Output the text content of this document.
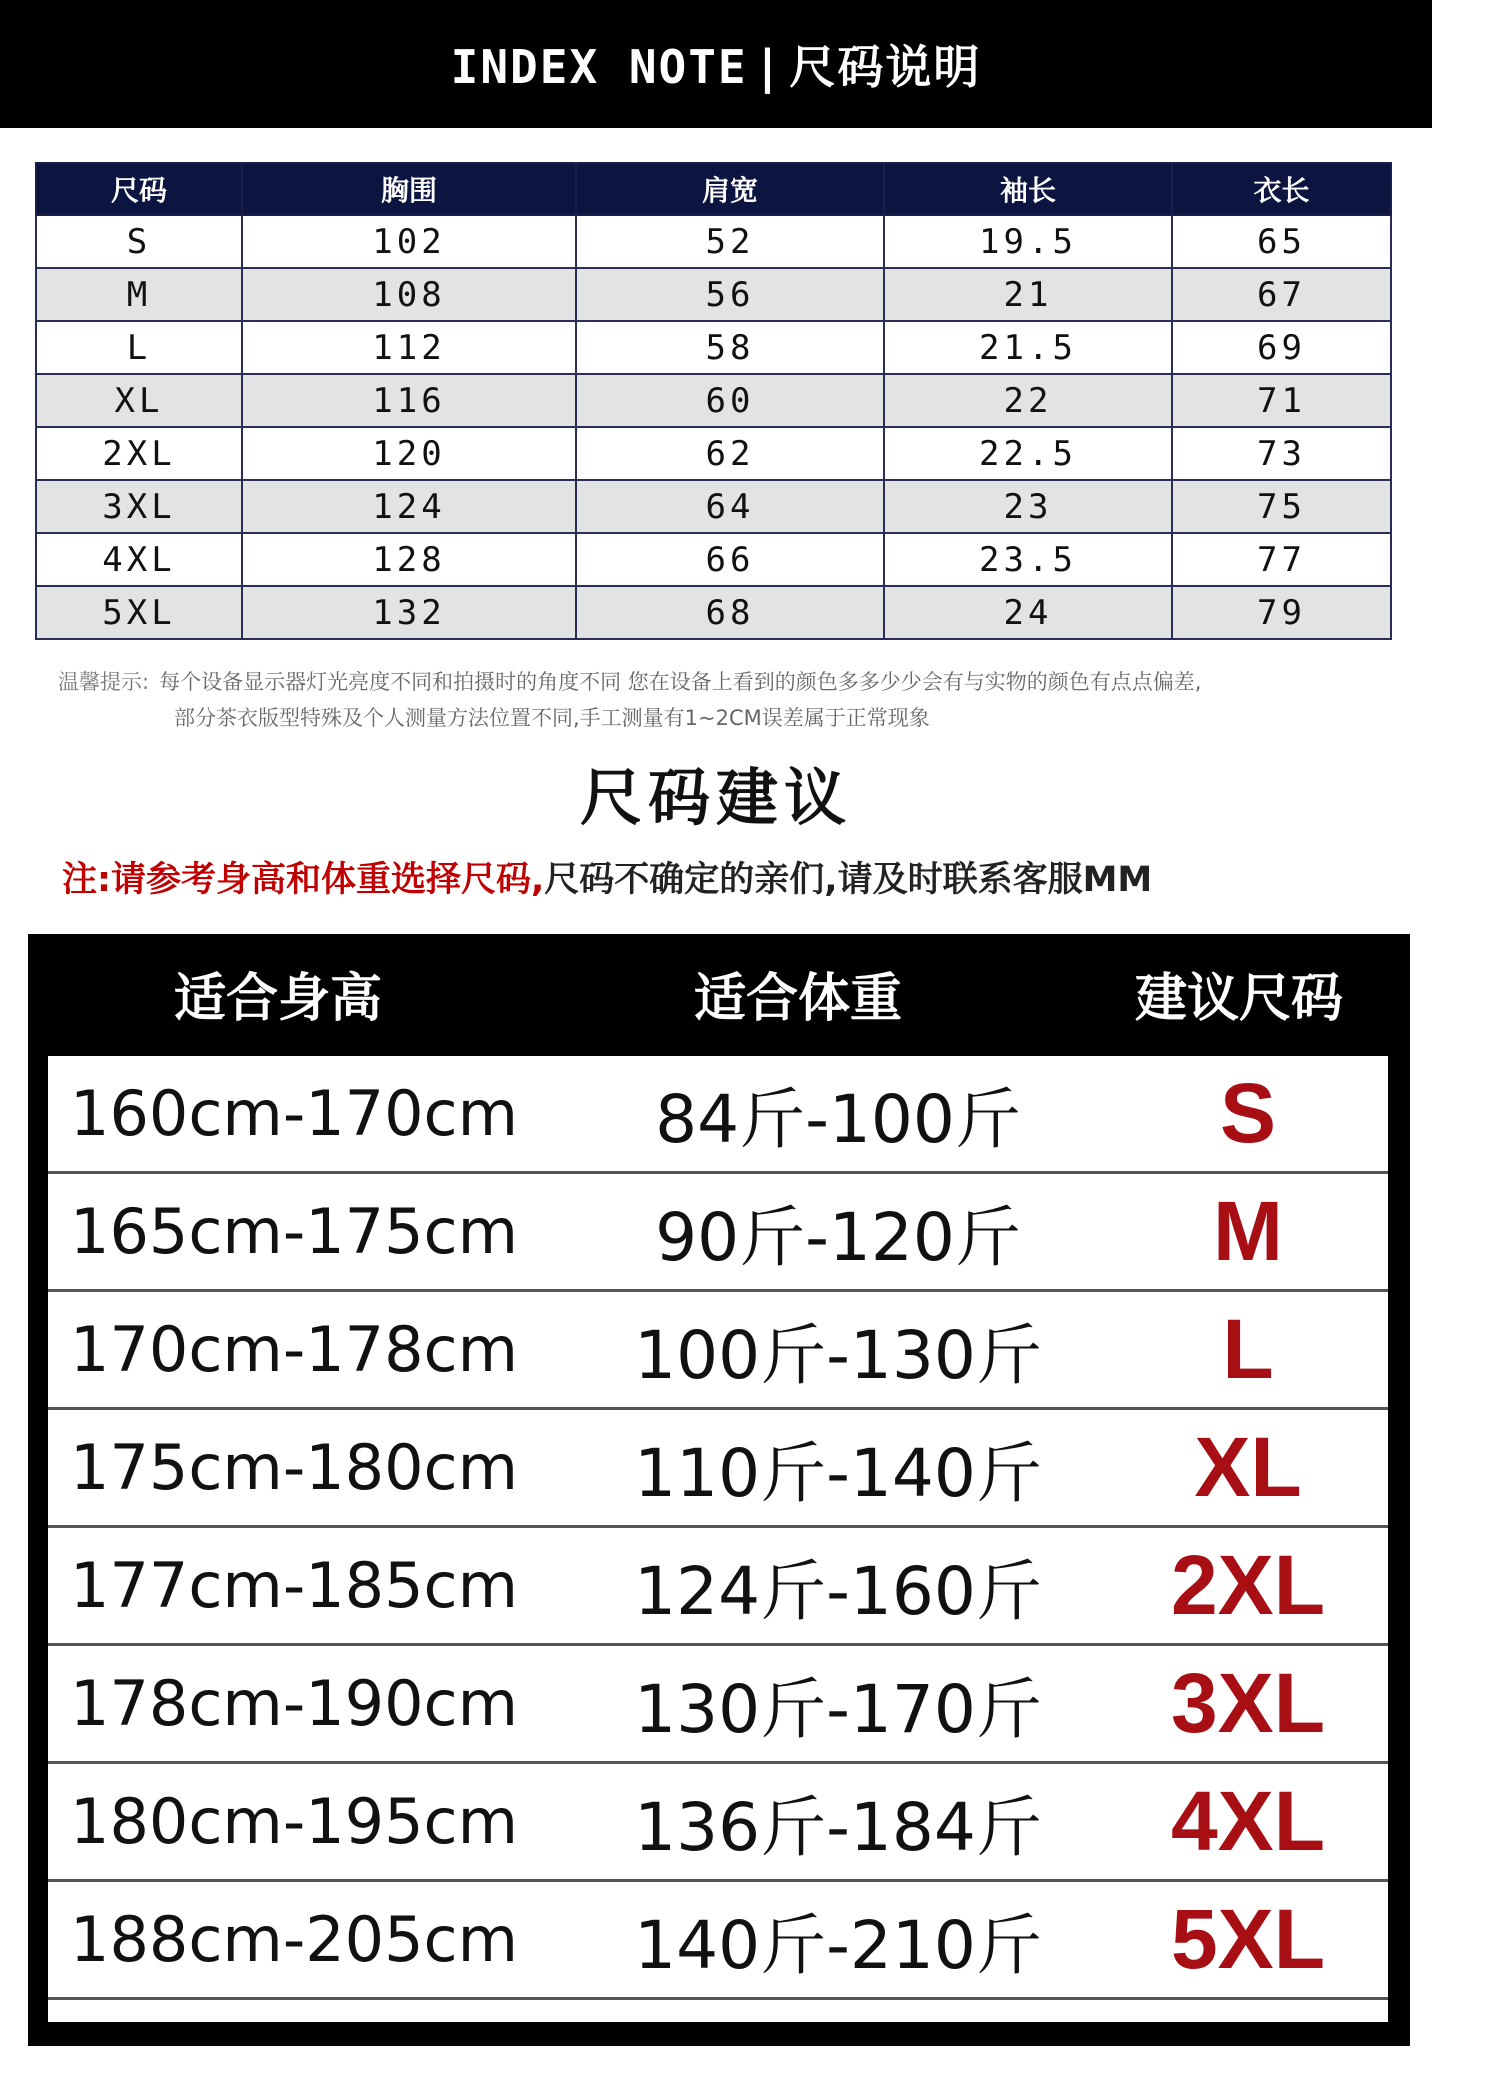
INDEX NOTE | 尺码说明
尺码	胸围	肩宽	袖长	衣长
S	102	52	19.5	65
M	108	56	21	67
L	112	58	21.5	69
XL	116	60	22	71
2XL	120	62	22.5	73
3XL	124	64	23	75
4XL	128	66	23.5	77
5XL	132	68	24	79
温馨提示: 每个设备显示器灯光亮度不同和拍摄时的角度不同 您在设备上看到的颜色多多少少会有与实物的颜色有点点偏差,
部分茶衣版型特殊及个人测量方法位置不同,手工测量有1~2CM误差属于正常现象
尺码建议
注:请参考身高和体重选择尺码,尺码不确定的亲们,请及时联系客服MM
适合身高	适合体重	建议尺码
160cm-170cm	84斤-100斤	S
165cm-175cm	90斤-120斤	M
170cm-178cm	100斤-130斤	L
175cm-180cm	110斤-140斤	XL
177cm-185cm	124斤-160斤	2XL
178cm-190cm	130斤-170斤	3XL
180cm-195cm	136斤-184斤	4XL
188cm-205cm	140斤-210斤	5XL
